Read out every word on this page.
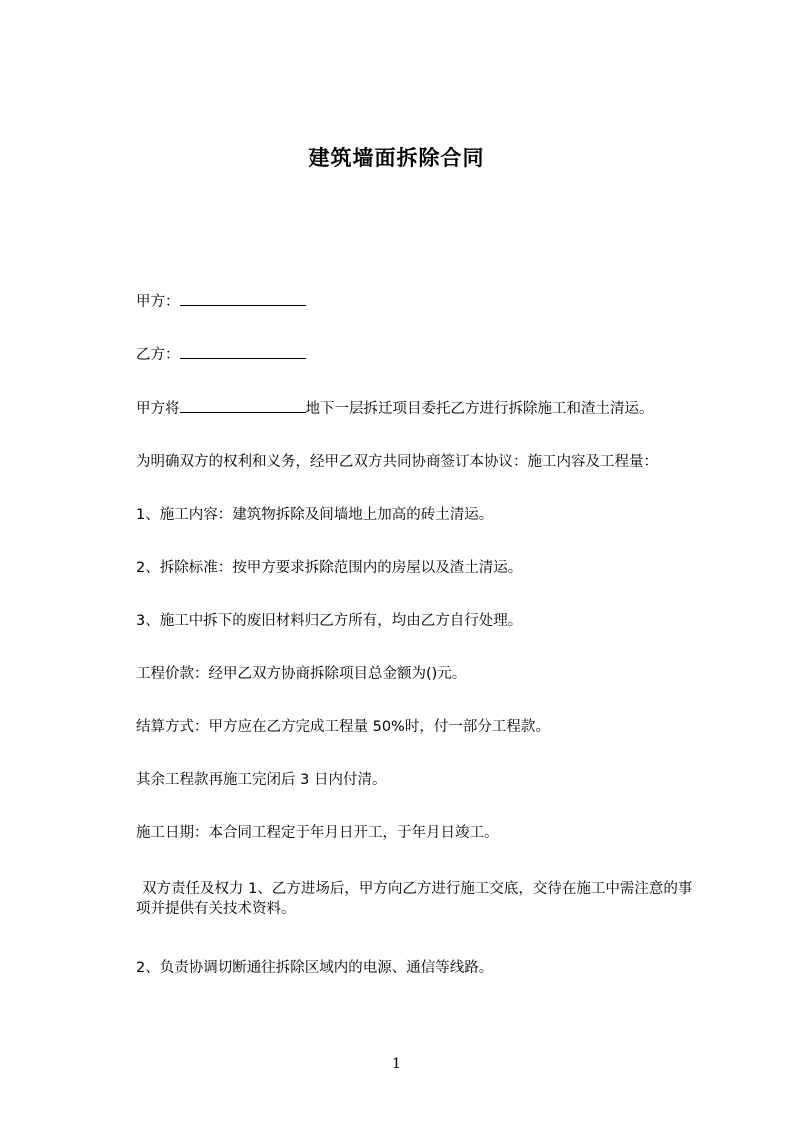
建筑墙面拆除合同
甲方：
乙方：
甲方将	地下一层拆迁项目委托乙方进行拆除施工和渣土清运。
为明确双方的权利和义务，经甲乙双方共同协商签订本协议：施工内容及工程量：
1、施工内容：建筑物拆除及间墙地上加高的砖土清运。
2、拆除标准：按甲方要求拆除范围内的房屋以及渣土清运。
3、施工中拆下的废旧材料归乙方所有，均由乙方自行处理。
工程价款：经甲乙双方协商拆除项目总金额为()元。
结算方式：甲方应在乙方完成工程量 50%时，付一部分工程款。
其余工程款再施工完闭后 3 日内付清。
施工日期：本合同工程定于年月日开工，于年月日竣工。
双方责任及权力 1、乙方进场后，甲方向乙方进行施工交底，交待在施工中需注意的事项并提供有关技术资料。
2、负责协调切断通往拆除区域内的电源、通信等线路。
1
